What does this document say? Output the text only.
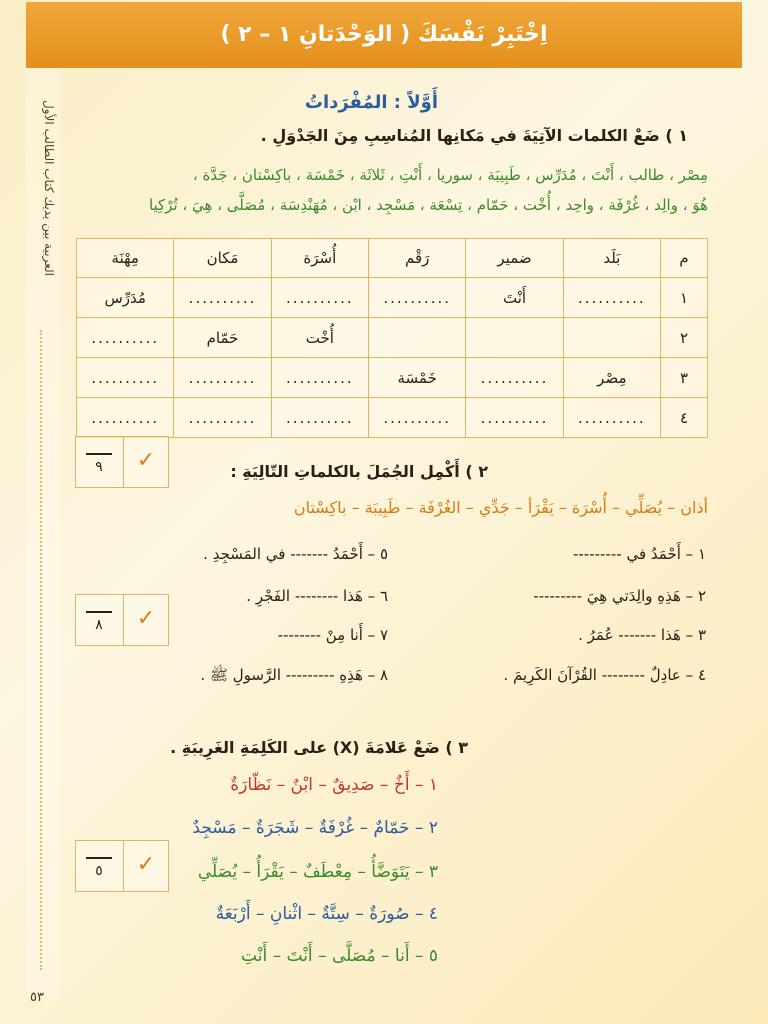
اِخْتَبِرْ نَفْسَكَ ( الوَحْدَتانِ ١ – ٢ )
العربية بين يديك كتاب الطالب الأول
٥٣
أَوَّلاً : المُفْرَداتُ
١ ) ضَعْ الكلمات الآتِيَةَ في مَكانِها المُناسِبِ مِنَ الجَدْوَلِ .
مِصْر ، طالب ، أَنْتَ ، مُدَرِّس ، طَبِيبَة ، سوريا ، أَنْتِ ، ثَلاثَة ، خَمْسَة ، باكِسْتان ، جَدَّة ،
هُوَ ، والِد ، غُرْفَة ، واحِد ، أُخْت ، حَمّام ، تِسْعَة ، مَسْجِد ، ابْن ، مُهَنْدِسَة ، مُصَلَّى ، هِيَ ، تُرْكِيا
م	بَلَد	ضمير	رَقْم	أُسْرَة	مَكان	مِهْنَة
١	..........	أَنْتَ	..........	..........	..........	مُدَرِّس
٢				أُخْت	حَمّام	..........
٣	مِصْر	..........	خَمْسَة	..........	..........	..........
٤	..........	..........	..........	..........	..........	..........
✓
٩	٢ ) أَكْمِل الجُمَلَ بالكلماتِ التّالِيَةِ :
أذان – يُصَلِّي – أُسْرَة – يَقْرَأ – جَدِّي – الغُرْفَة – طَبِيبَة – باكِسْتان
١ – أَحْمَدُ في ---------
٢ – هَذِهِ والِدَتي هِيَ ---------
٣ – هَذا ------- عُمَرُ .
٤ – عادِلٌ -------- القُرْآنَ الكَرِيمَ .
٥ – أَحْمَدُ ------- في المَسْجِدِ .
٦ – هَذا -------- الفَجْرِ .
٧ – أَنا مِنْ --------
٨ – هَذِهِ --------- الرَّسولِ ﷺ .
✓
٨
٣ ) ضَعْ عَلامَةَ (X) على الكَلِمَةِ الغَرِيبَةِ .
١ – أَخٌ – صَدِيقٌ – ابْنٌ – نَظّارَةٌ
٢ – حَمّامٌ – غُرْفَةٌ – شَجَرَةٌ – مَسْجِدٌ
٣ – يَتَوَضَّأُ – مِعْطَفٌ – يَقْرَأُ – يُصَلِّي
٤ – صُورَةٌ – سِتَّةٌ – اثْنانِ – أَرْبَعَةٌ
٥ – أَنا – مُصَلَّى – أَنْتَ – أَنْتِ
✓
٥
